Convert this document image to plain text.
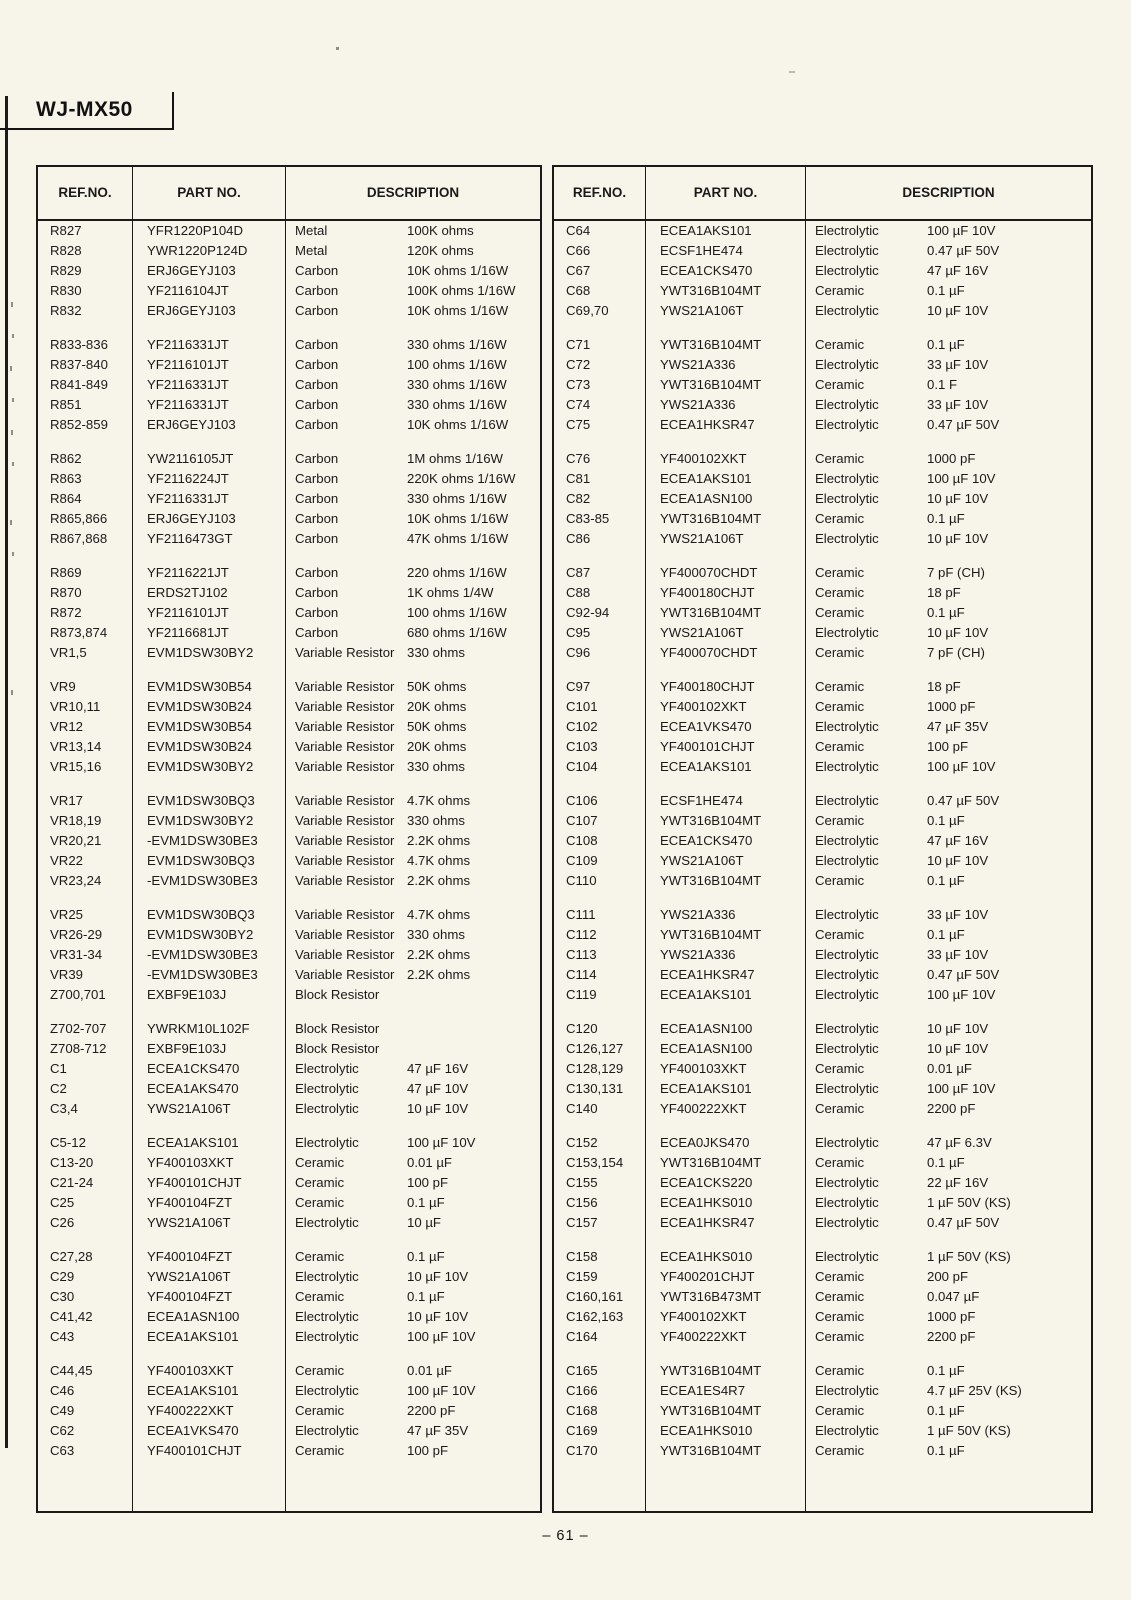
WJ-MX50
REF.NO.	PART NO.	DESCRIPTION
R827	YFR1220P104D	Metal	100K ohms
R828	YWR1220P124D	Metal	120K ohms
R829	ERJ6GEYJ103	Carbon	10K ohms 1/16W
R830	YF2116104JT	Carbon	100K ohms 1/16W
R832	ERJ6GEYJ103	Carbon	10K ohms 1/16W
R833-836	YF2116331JT	Carbon	330 ohms 1/16W
R837-840	YF2116101JT	Carbon	100 ohms 1/16W
R841-849	YF2116331JT	Carbon	330 ohms 1/16W
R851	YF2116331JT	Carbon	330 ohms 1/16W
R852-859	ERJ6GEYJ103	Carbon	10K ohms 1/16W
R862	YW2116105JT	Carbon	1M ohms 1/16W
R863	YF2116224JT	Carbon	220K ohms 1/16W
R864	YF2116331JT	Carbon	330 ohms 1/16W
R865,866	ERJ6GEYJ103	Carbon	10K ohms 1/16W
R867,868	YF2116473GT	Carbon	47K ohms 1/16W
R869	YF2116221JT	Carbon	220 ohms 1/16W
R870	ERDS2TJ102	Carbon	1K ohms 1/4W
R872	YF2116101JT	Carbon	100 ohms 1/16W
R873,874	YF2116681JT	Carbon	680 ohms 1/16W
VR1,5	EVM1DSW30BY2	Variable Resistor 330 ohms
VR9	EVM1DSW30B54	Variable Resistor 50K ohms
VR10,11	EVM1DSW30B24	Variable Resistor 20K ohms
VR12	EVM1DSW30B54	Variable Resistor 50K ohms
VR13,14	EVM1DSW30B24	Variable Resistor 20K ohms
VR15,16	EVM1DSW30BY2	Variable Resistor 330 ohms
VR17	EVM1DSW30BQ3	Variable Resistor 4.7K ohms
VR18,19	EVM1DSW30BY2	Variable Resistor 330 ohms
VR20,21	-EVM1DSW30BE3	Variable Resistor 2.2K ohms
VR22	EVM1DSW30BQ3	Variable Resistor 4.7K ohms
VR23,24	-EVM1DSW30BE3	Variable Resistor 2.2K ohms
VR25	EVM1DSW30BQ3	Variable Resistor 4.7K ohms
VR26-29	EVM1DSW30BY2	Variable Resistor 330 ohms
VR31-34	-EVM1DSW30BE3	Variable Resistor 2.2K ohms
VR39	-EVM1DSW30BE3	Variable Resistor 2.2K ohms
Z700,701	EXBF9E103J	Block Resistor
Z702-707	YWRKM10L102F	Block Resistor
Z708-712	EXBF9E103J	Block Resistor
C1	ECEA1CKS470	Electrolytic	47 µF 16V
C2	ECEA1AKS470	Electrolytic	47 µF 10V
C3,4	YWS21A106T	Electrolytic	10 µF 10V
C5-12	ECEA1AKS101	Electrolytic	100 µF 10V
C13-20	YF400103XKT	Ceramic	0.01 µF
C21-24	YF400101CHJT	Ceramic	100 pF
C25	YF400104FZT	Ceramic	0.1 µF
C26	YWS21A106T	Electrolytic	10 µF
C27,28	YF400104FZT	Ceramic	0.1 µF
C29	YWS21A106T	Electrolytic	10 µF 10V
C30	YF400104FZT	Ceramic	0.1 µF
C41,42	ECEA1ASN100	Electrolytic	10 µF 10V
C43	ECEA1AKS101	Electrolytic	100 µF 10V
C44,45	YF400103XKT	Ceramic	0.01 µF
C46	ECEA1AKS101	Electrolytic	100 µF 10V
C49	YF400222XKT	Ceramic	2200 pF
C62	ECEA1VKS470	Electrolytic	47 µF 35V
C63	YF400101CHJT	Ceramic	100 pF
REF.NO.	PART NO.	DESCRIPTION
C64	ECEA1AKS101	Electrolytic	100 µF 10V
C66	ECSF1HE474	Electrolytic	0.47 µF 50V
C67	ECEA1CKS470	Electrolytic	47 µF 16V
C68	YWT316B104MT	Ceramic	0.1 µF
C69,70	YWS21A106T	Electrolytic	10 µF 10V
C71	YWT316B104MT	Ceramic	0.1 µF
C72	YWS21A336	Electrolytic	33 µF 10V
C73	YWT316B104MT	Ceramic	0.1 F
C74	YWS21A336	Electrolytic	33 µF 10V
C75	ECEA1HKSR47	Electrolytic	0.47 µF 50V
C76	YF400102XKT	Ceramic	1000 pF
C81	ECEA1AKS101	Electrolytic	100 µF 10V
C82	ECEA1ASN100	Electrolytic	10 µF 10V
C83-85	YWT316B104MT	Ceramic	0.1 µF
C86	YWS21A106T	Electrolytic	10 µF 10V
C87	YF400070CHDT	Ceramic	7 pF (CH)
C88	YF400180CHJT	Ceramic	18 pF
C92-94	YWT316B104MT	Ceramic	0.1 µF
C95	YWS21A106T	Electrolytic	10 µF 10V
C96	YF400070CHDT	Ceramic	7 pF (CH)
C97	YF400180CHJT	Ceramic	18 pF
C101	YF400102XKT	Ceramic	1000 pF
C102	ECEA1VKS470	Electrolytic	47 µF 35V
C103	YF400101CHJT	Ceramic	100 pF
C104	ECEA1AKS101	Electrolytic	100 µF 10V
C106	ECSF1HE474	Electrolytic	0.47 µF 50V
C107	YWT316B104MT	Ceramic	0.1 µF
C108	ECEA1CKS470	Electrolytic	47 µF 16V
C109	YWS21A106T	Electrolytic	10 µF 10V
C110	YWT316B104MT	Ceramic	0.1 µF
C111	YWS21A336	Electrolytic	33 µF 10V
C112	YWT316B104MT	Ceramic	0.1 µF
C113	YWS21A336	Electrolytic	33 µF 10V
C114	ECEA1HKSR47	Electrolytic	0.47 µF 50V
C119	ECEA1AKS101	Electrolytic	100 µF 10V
C120	ECEA1ASN100	Electrolytic	10 µF 10V
C126,127	ECEA1ASN100	Electrolytic	10 µF 10V
C128,129	YF400103XKT	Ceramic	0.01 µF
C130,131	ECEA1AKS101	Electrolytic	100 µF 10V
C140	YF400222XKT	Ceramic	2200 pF
C152	ECEA0JKS470	Electrolytic	47 µF 6.3V
C153,154	YWT316B104MT	Ceramic	0.1 µF
C155	ECEA1CKS220	Electrolytic	22 µF 16V
C156	ECEA1HKS010	Electrolytic	1 µF 50V (KS)
C157	ECEA1HKSR47	Electrolytic	0.47 µF 50V
C158	ECEA1HKS010	Electrolytic	1 µF 50V (KS)
C159	YF400201CHJT	Ceramic	200 pF
C160,161	YWT316B473MT	Ceramic	0.047 µF
C162,163	YF400102XKT	Ceramic	1000 pF
C164	YF400222XKT	Ceramic	2200 pF
C165	YWT316B104MT	Ceramic	0.1 µF
C166	ECEA1ES4R7	Electrolytic	4.7 µF 25V (KS)
C168	YWT316B104MT	Ceramic	0.1 µF
C169	ECEA1HKS010	Electrolytic	1 µF 50V (KS)
C170	YWT316B104MT	Ceramic	0.1 µF
– 61 –
